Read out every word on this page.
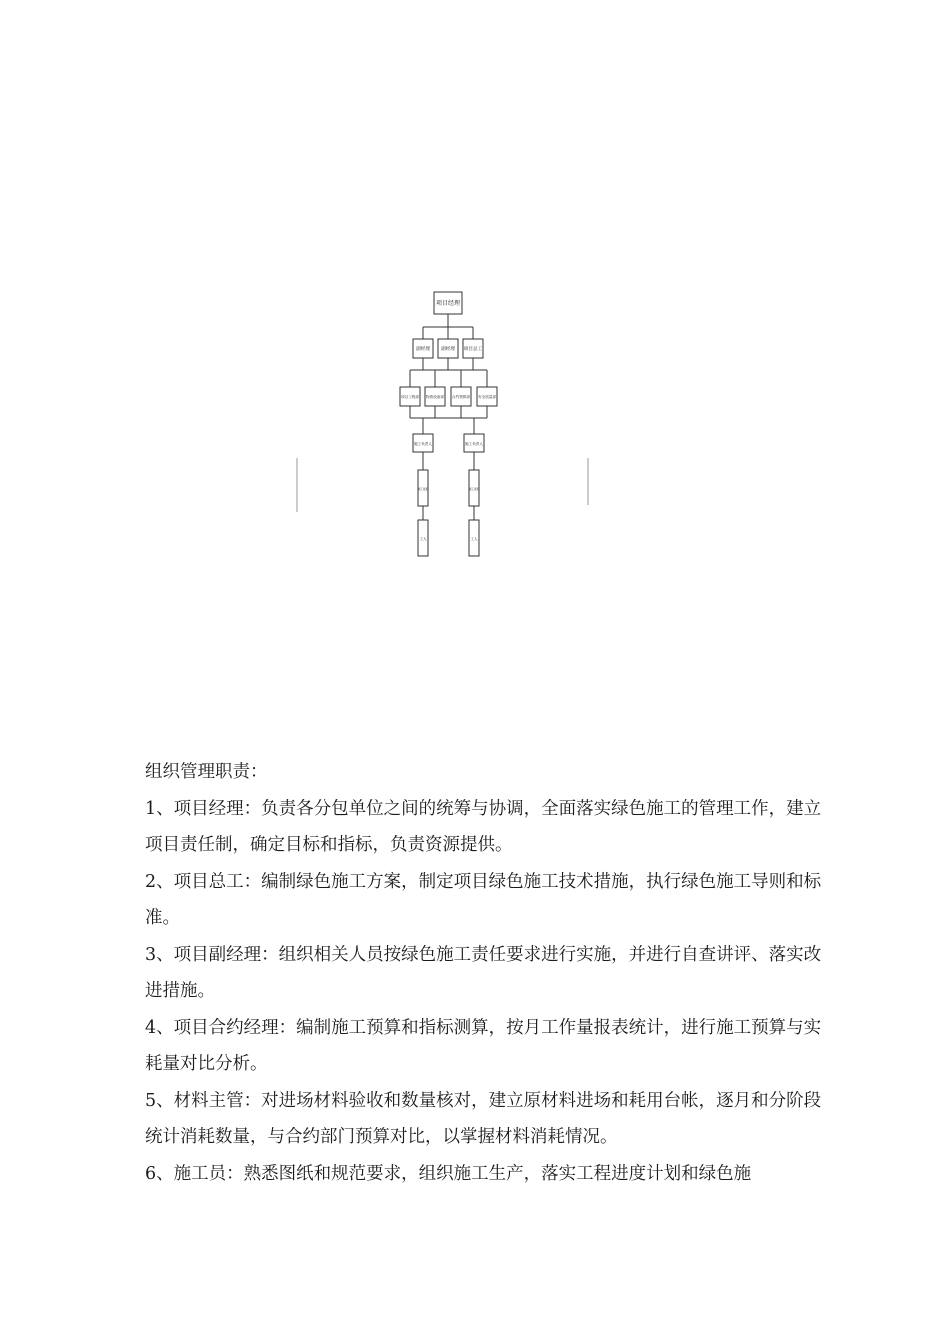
项目经理
副经理 副经理 项目总工
项目工程部 物资设备部 合约预算部 安全质量部
施工负责人	施工负责人
施工班组	施工班组
工人	工人

组织管理职责：

1、项目经理：负责各分包单位之间的统筹与协调，全面落实绿色施工的管理工作，建立项目责任制，确定目标和指标，负责资源提供。

2、项目总工：编制绿色施工方案，制定项目绿色施工技术措施，执行绿色施工导则和标准。

3、项目副经理：组织相关人员按绿色施工责任要求进行实施，并进行自查讲评、落实改进措施。

4、项目合约经理：编制施工预算和指标测算，按月工作量报表统计，进行施工预算与实耗量对比分析。

5、材料主管：对进场材料验收和数量核对，建立原材料进场和耗用台帐，逐月和分阶段统计消耗数量，与合约部门预算对比，以掌握材料消耗情况。

6、施工员：熟悉图纸和规范要求，组织施工生产，落实工程进度计划和绿色施
